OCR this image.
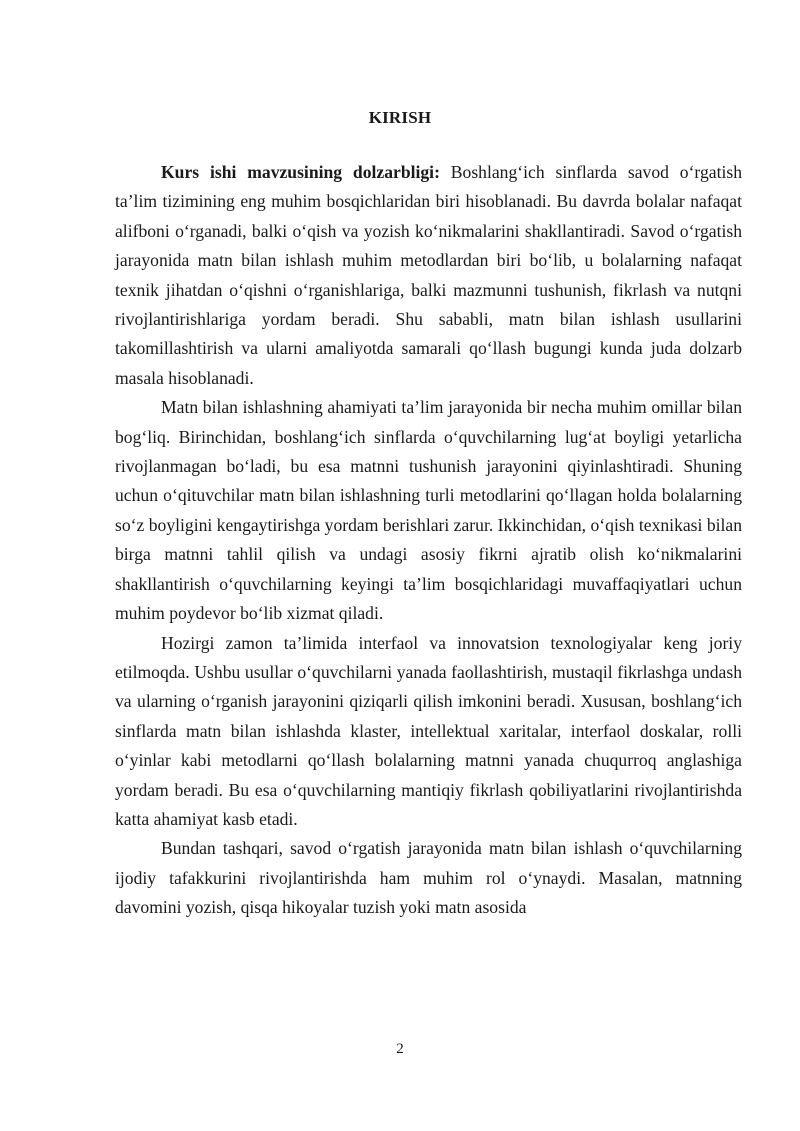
KIRISH

Kurs ishi mavzusining dolzarbligi: Boshlang‘ich sinflarda savod o‘rgatish ta’lim tizimining eng muhim bosqichlaridan biri hisoblanadi. Bu davrda bolalar nafaqat alifboni o‘rganadi, balki o‘qish va yozish ko‘nikmalarini shakllantiradi. Savod o‘rgatish jarayonida matn bilan ishlash muhim metodlardan biri bo‘lib, u bolalarning nafaqat texnik jihatdan o‘qishni o‘rganishlariga, balki mazmunni tushunish, fikrlash va nutqni rivojlantirishlariga yordam beradi. Shu sababli, matn bilan ishlash usullarini takomillashtirish va ularni amaliyotda samarali qo‘llash bugungi kunda juda dolzarb masala hisoblanadi.

Matn bilan ishlashning ahamiyati ta’lim jarayonida bir necha muhim omillar bilan bog‘liq. Birinchidan, boshlang‘ich sinflarda o‘quvchilarning lug‘at boyligi yetarlicha rivojlanmagan bo‘ladi, bu esa matnni tushunish jarayonini qiyinlashtiradi. Shuning uchun o‘qituvchilar matn bilan ishlashning turli metodlarini qo‘llagan holda bolalarning so‘z boyligini kengaytirishga yordam berishlari zarur. Ikkinchidan, o‘qish texnikasi bilan birga matnni tahlil qilish va undagi asosiy fikrni ajratib olish ko‘nikmalarini shakllantirish o‘quvchilarning keyingi ta’lim bosqichlaridagi muvaffaqiyatlari uchun muhim poydevor bo‘lib xizmat qiladi.

Hozirgi zamon ta’limida interfaol va innovatsion texnologiyalar keng joriy etilmoqda. Ushbu usullar o‘quvchilarni yanada faollashtirish, mustaqil fikrlashga undash va ularning o‘rganish jarayonini qiziqarli qilish imkonini beradi. Xususan, boshlang‘ich sinflarda matn bilan ishlashda klaster, intellektual xaritalar, interfaol doskalar, rolli o‘yinlar kabi metodlarni qo‘llash bolalarning matnni yanada chuqurroq anglashiga yordam beradi. Bu esa o‘quvchilarning mantiqiy fikrlash qobiliyatlarini rivojlantirishda katta ahamiyat kasb etadi.

Bundan tashqari, savod o‘rgatish jarayonida matn bilan ishlash o‘quvchilarning ijodiy tafakkurini rivojlantirishda ham muhim rol o‘ynaydi. Masalan, matnning davomini yozish, qisqa hikoyalar tuzish yoki matn asosida

2
